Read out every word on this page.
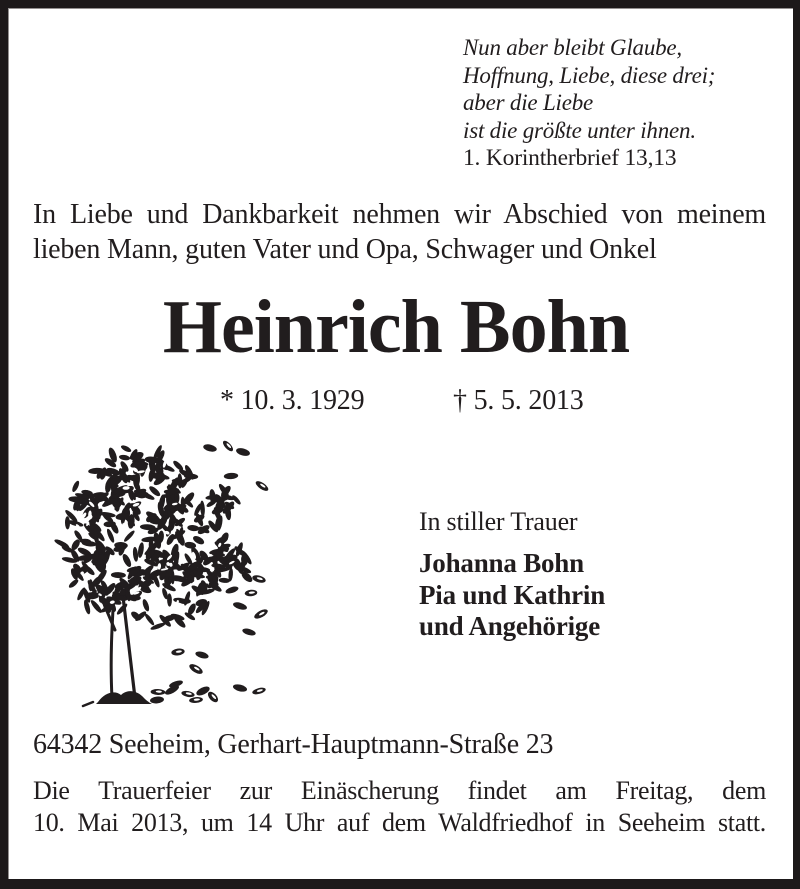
Nun aber bleibt Glaube,
Hoffnung, Liebe, diese drei;
aber die Liebe
ist die größte unter ihnen.
1. Korintherbrief 13,13
In Liebe und Dankbarkeit nehmen wir Abschied von meinem
lieben Mann, guten Vater und Opa, Schwager und Onkel
Heinrich Bohn
* 10. 3. 1929	† 5. 5. 2013
In stiller Trauer
Johanna Bohn
Pia und Kathrin
und Angehörige
64342 Seeheim, Gerhart-Hauptmann-Straße 23
Die Trauerfeier zur Einäscherung findet am Freitag, dem
10. Mai 2013, um 14 Uhr auf dem Waldfriedhof in Seeheim statt.
